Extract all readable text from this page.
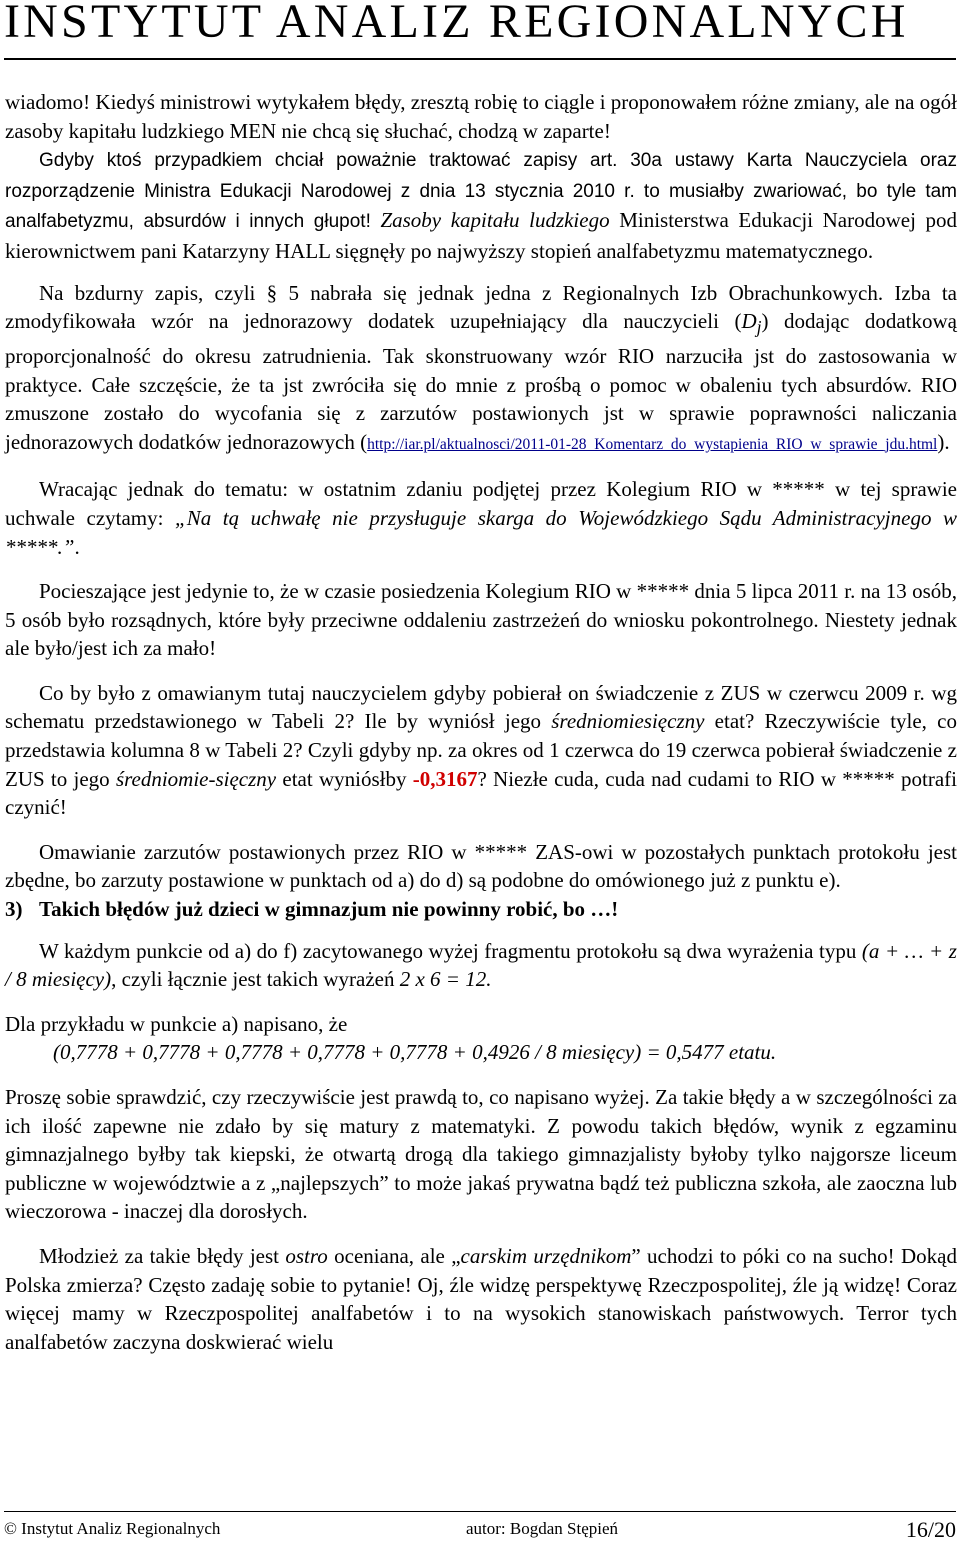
INSTYTUT ANALIZ REGIONALNYCH

wiadomo! Kiedyś ministrowi wytykałem błędy, zresztą robię to ciągle i proponowałem różne zmiany, ale na ogół zasoby kapitału ludzkiego MEN nie chcą się słuchać, chodzą w zaparte!

Gdyby ktoś przypadkiem chciał poważnie traktować zapisy art. 30a ustawy Karta Nauczyciela oraz rozporządzenie Ministra Edukacji Narodowej z dnia 13 stycznia 2010 r. to musiałby zwariować, bo tyle tam analfabetyzmu, absurdów i innych głupot! Zasoby kapitału ludzkiego Ministerstwa Edukacji Narodowej pod kierownictwem pani Katarzyny HALL sięgnęły po najwyższy stopień analfabetyzmu matematycznego.

Na bzdurny zapis, czyli § 5 nabrała się jednak jedna z Regionalnych Izb Obrachunkowych. Izba ta zmodyfikowała wzór na jednorazowy dodatek uzupełniający dla nauczycieli $(D_j)$ dodając dodatkową proporcjonalność do okresu zatrudnienia. Tak skonstruowany wzór RIO narzuciła jst do zastosowania w praktyce. Całe szczęście, że ta jst zwróciła się do mnie z prośbą o pomoc w obaleniu tych absurdów. RIO zmuszone zostało do wycofania się z zarzutów postawionych jst w sprawie poprawności naliczania jednorazowych dodatków jednorazowych (http://iar.pl/aktualnosci/2011-01-28_Komentarz_do_wystapienia_RIO_w_sprawie_jdu.html).

Wracając jednak do tematu: w ostatnim zdaniu podjętej przez Kolegium RIO w ***** w tej sprawie uchwale czytamy: „Na tą uchwałę nie przysługuje skarga do Wojewódzkiego Sądu Administracyjnego w *****.”.

Pocieszające jest jedynie to, że w czasie posiedzenia Kolegium RIO w ***** dnia 5 lipca 2011 r. na 13 osób, 5 osób było rozsądnych, które były przeciwne oddaleniu zastrzeżeń do wniosku pokontrolnego. Niestety jednak ale było/jest ich za mało!

Co by było z omawianym tutaj nauczycielem gdyby pobierał on świadczenie z ZUS w czerwcu 2009 r. wg schematu przedstawionego w Tabeli 2? Ile by wyniósł jego średniomiesięczny etat? Rzeczywiście tyle, co przedstawia kolumna 8 w Tabeli 2? Czyli gdyby np. za okres od 1 czerwca do 19 czerwca pobierał świadczenie z ZUS to jego średniomie-sięczny etat wyniósłby -0,3167? Niezłe cuda, cuda nad cudami to RIO w ***** potrafi czynić!

Omawianie zarzutów postawionych przez RIO w ***** ZAS-owi w pozostałych punktach protokołu jest zbędne, bo zarzuty postawione w punktach od a) do d) są podobne do omówionego już z punktu e).

3) Takich błędów już dzieci w gimnazjum nie powinny robić, bo …!

W każdym punkcie od a) do f) zacytowanego wyżej fragmentu protokołu są dwa wyrażenia typu (a + … + z / 8 miesięcy), czyli łącznie jest takich wyrażeń 2 x 6 = 12.

Dla przykładu w punkcie a) napisano, że

(0,7778 + 0,7778 + 0,7778 + 0,7778 + 0,7778 + 0,4926 / 8 miesięcy) = 0,5477 etatu.

Proszę sobie sprawdzić, czy rzeczywiście jest prawdą to, co napisano wyżej. Za takie błędy a w szczególności za ich ilość zapewne nie zdało by się matury z matematyki. Z powodu takich błędów, wynik z egzaminu gimnazjalnego byłby tak kiepski, że otwartą drogą dla takiego gimnazjalisty byłoby tylko najgorsze liceum publiczne w województwie a z „najlepszych” to może jakaś prywatna bądź też publiczna szkoła, ale zaoczna lub wieczorowa - inaczej dla dorosłych.

Młodzież za takie błędy jest ostro oceniana, ale „carskim urzędnikom” uchodzi to póki co na sucho! Dokąd Polska zmierza? Często zadaję sobie to pytanie! Oj, źle widzę perspektywę Rzeczpospolitej, źle ją widzę! Coraz więcej mamy w Rzeczpospolitej analfabetów i to na wysokich stanowiskach państwowych. Terror tych analfabetów zaczyna doskwierać wielu

© Instytut Analiz Regionalnych	autor: Bogdan Stępień	16/20
